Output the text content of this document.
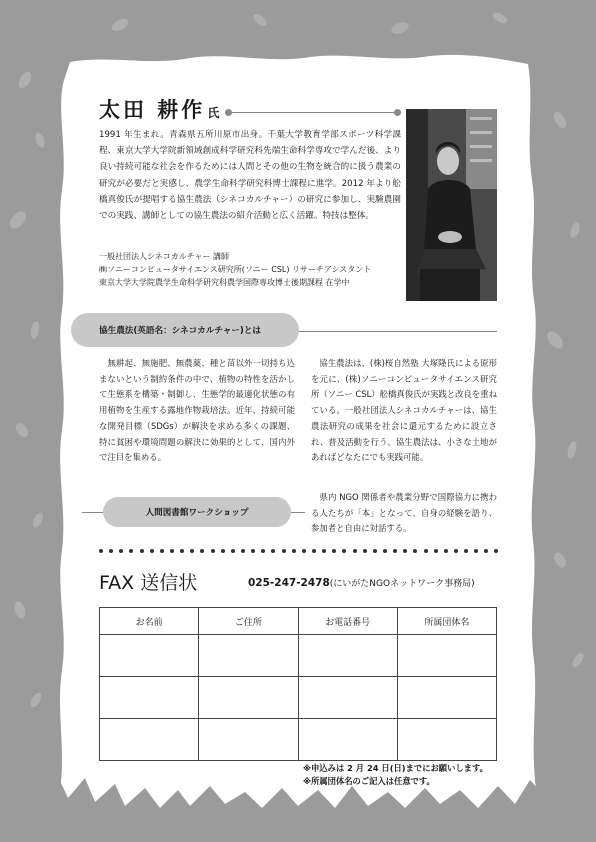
太田 耕作 氏
1991 年生まれ。青森県五所川原市出身。千葉大学教育学部スポーツ科学課程、東京大学大学院新領域創成科学研究科先端生命科学専攻で学んだ後、より良い持続可能な社会を作るためには人間とその他の生物を統合的に扱う農業の研究が必要だと実感し、農学生命科学研究科博士課程に進学。2012 年より舩橋真俊氏が提唱する協生農法（シネコカルチャー）の研究に参加し、実験農園での実践、講師としての協生農法の紹介活動と広く活躍。特技は整体。
一般社団法人シネコカルチャー 講師
㈱ソニーコンピュータサイエンス研究所(ソニー CSL) リサーチアシスタント
東京大学大学院農学生命科学研究科農学国際専攻博士後期課程 在学中
協生農法(英語名：シネコカルチャー)とは
　無耕起、無施肥、無農薬、種と苗以外一切持ち込まないという制約条件の中で、植物の特性を活かして生態系を構築・制御し、生態学的最適化状態の有用植物を生産する露地作物栽培法。近年、持続可能な開発目標（SDGs）が解決を求める多くの課題、特に貧困や環境問題の解決に効果的として、国内外で注目を集める。
　協生農法は、(株)桜自然塾 大塚隆氏による原形を元に、(株)ソニーコンピュータサイエンス研究所（ソニー CSL）舩橋真俊氏が実践と改良を重ねている。一般社団法人シネコカルチャーは、協生農法研究の成果を社会に還元するために設立され、普及活動を行う。協生農法は、小さな土地があればどなたにでも実践可能。
人間図書館ワークショップ
　県内 NGO 関係者や農業分野で国際協力に携わる人たちが「本」となって、自身の経験を語り、参加者と自由に対話する。
FAX 送信状	025-247-2478(にいがたNGOネットワーク事務局)
お名前	ご住所	お電話番号	所属団体名

※申込みは 2 月 24 日(日)までにお願いします。
※所属団体名のご記入は任意です。
